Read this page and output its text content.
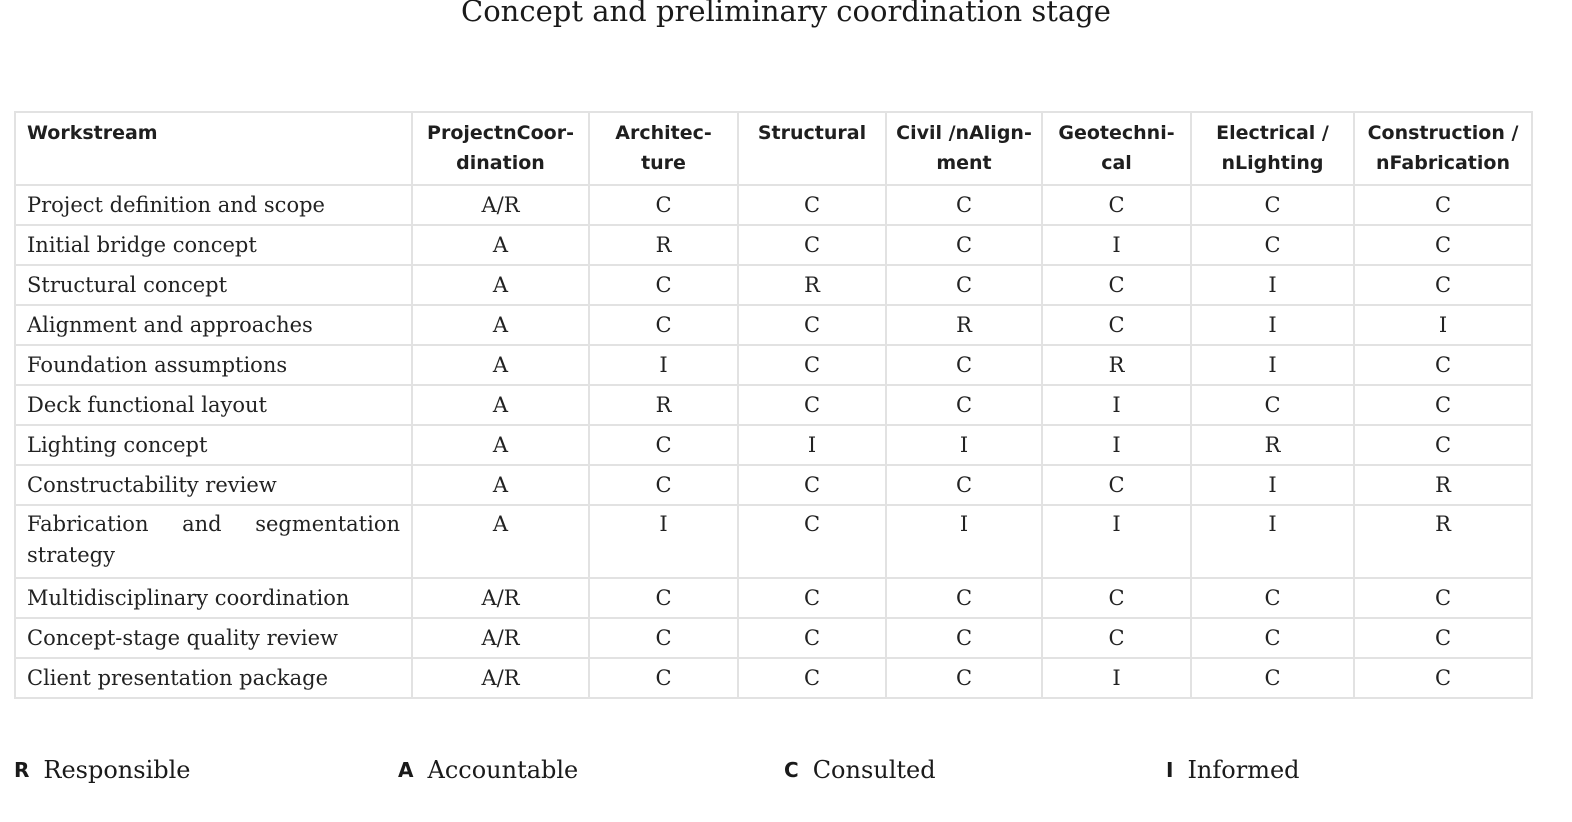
Concept and preliminary coordination stage
Workstream	ProjectnCoor-dination	Architec-ture	Structural	Civil /nAlign-ment	Geotechni-cal	Electrical / nLighting	Construction / nFabrication
Project definition and scope	A/R	C	C	C	C	C	C
Initial bridge concept	A	R	C	C	I	C	C
Structural concept	A	C	R	C	C	I	C
Alignment and approaches	A	C	C	R	C	I	I
Foundation assumptions	A	I	C	C	R	I	C
Deck functional layout	A	R	C	C	I	C	C
Lighting concept	A	C	I	I	I	R	C
Constructability review	A	C	C	C	C	I	R
Fabrication and segmentation strategy	A	I	C	I	I	I	R
Multidisciplinary coordination	A/R	C	C	C	C	C	C
Concept-stage quality review	A/R	C	C	C	C	C	C
Client presentation package	A/R	C	C	C	I	C	C
R Responsible	A Accountable	C Consulted	I Informed
